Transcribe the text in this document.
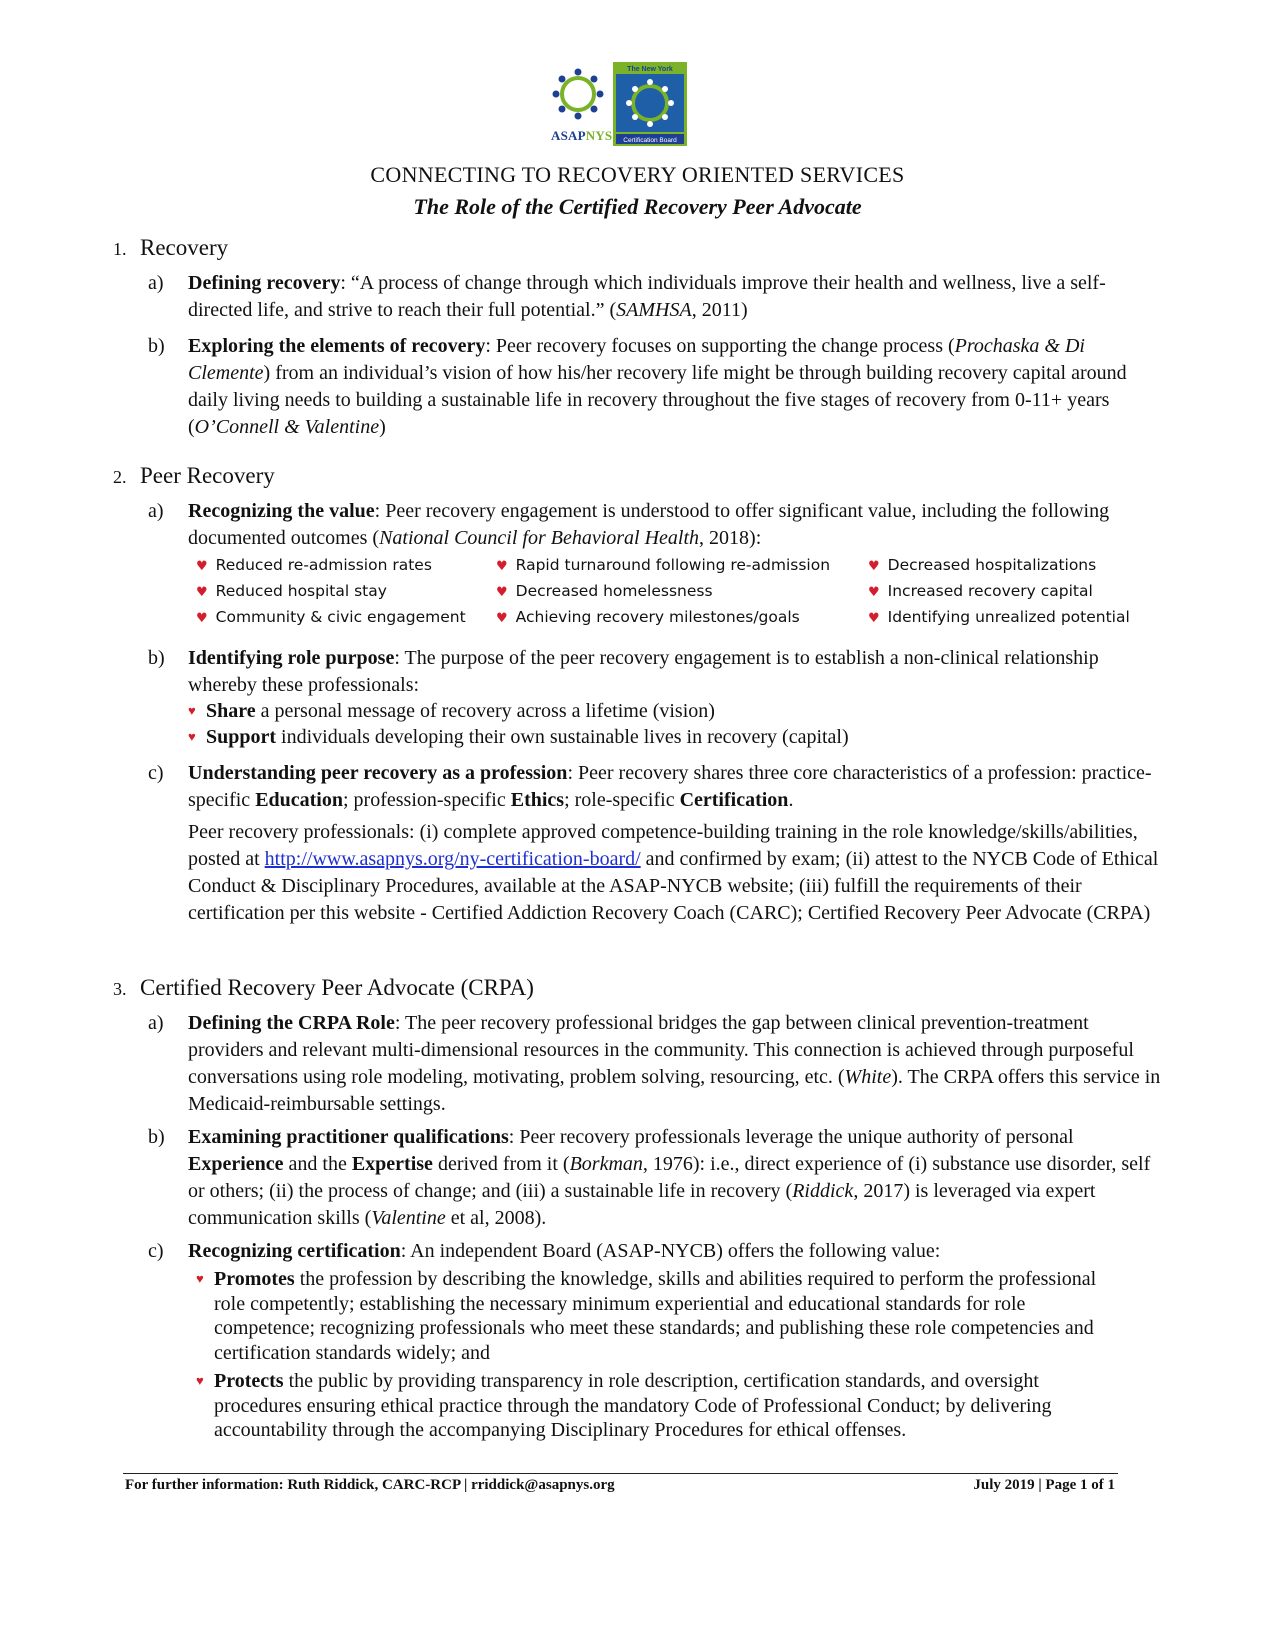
The New York
Certification Board
ASAPNYS
CONNECTING TO RECOVERY ORIENTED SERVICES
The Role of the Certified Recovery Peer Advocate
1. Recovery
a) Defining recovery: “A process of change through which individuals improve their health and wellness, live a self-directed life, and strive to reach their full potential.” (SAMHSA, 2011)
b) Exploring the elements of recovery: Peer recovery focuses on supporting the change process (Prochaska & Di Clemente) from an individual’s vision of how his/her recovery life might be through building recovery capital around daily living needs to building a sustainable life in recovery throughout the five stages of recovery from 0-11+ years (O’Connell & Valentine)
2. Peer Recovery
a) Recognizing the value: Peer recovery engagement is understood to offer significant value, including the following documented outcomes (National Council for Behavioral Health, 2018):
♥ Reduced re-admission rates	♥ Rapid turnaround following re-admission	♥ Decreased hospitalizations
♥ Reduced hospital stay	♥ Decreased homelessness	♥ Increased recovery capital
♥ Community & civic engagement ♥ Achieving recovery milestones/goals	♥ Identifying unrealized potential
b) Identifying role purpose: The purpose of the peer recovery engagement is to establish a non-clinical relationship whereby these professionals:
♥ Share a personal message of recovery across a lifetime (vision)
♥ Support individuals developing their own sustainable lives in recovery (capital)
c) Understanding peer recovery as a profession: Peer recovery shares three core characteristics of a profession: practice-specific Education; profession-specific Ethics; role-specific Certification.
Peer recovery professionals: (i) complete approved competence-building training in the role knowledge/skills/abilities, posted at http://www.asapnys.org/ny-certification-board/ and confirmed by exam; (ii) attest to the NYCB Code of Ethical Conduct & Disciplinary Procedures, available at the ASAP-NYCB website; (iii) fulfill the requirements of their certification per this website - Certified Addiction Recovery Coach (CARC); Certified Recovery Peer Advocate (CRPA)
3. Certified Recovery Peer Advocate (CRPA)
a) Defining the CRPA Role: The peer recovery professional bridges the gap between clinical prevention-treatment providers and relevant multi-dimensional resources in the community. This connection is achieved through purposeful conversations using role modeling, motivating, problem solving, resourcing, etc. (White). The CRPA offers this service in Medicaid-reimbursable settings.
b) Examining practitioner qualifications: Peer recovery professionals leverage the unique authority of personal Experience and the Expertise derived from it (Borkman, 1976): i.e., direct experience of (i) substance use disorder, self or others; (ii) the process of change; and (iii) a sustainable life in recovery (Riddick, 2017) is leveraged via expert communication skills (Valentine et al, 2008).
c) Recognizing certification: An independent Board (ASAP-NYCB) offers the following value:
♥ Promotes the profession by describing the knowledge, skills and abilities required to perform the professional role competently; establishing the necessary minimum experiential and educational standards for role competence; recognizing professionals who meet these standards; and publishing these role competencies and certification standards widely; and
♥ Protects the public by providing transparency in role description, certification standards, and oversight procedures ensuring ethical practice through the mandatory Code of Professional Conduct; by delivering accountability through the accompanying Disciplinary Procedures for ethical offenses.
For further information: Ruth Riddick, CARC-RCP | rriddick@asapnys.org	July 2019 | Page 1 of 1
